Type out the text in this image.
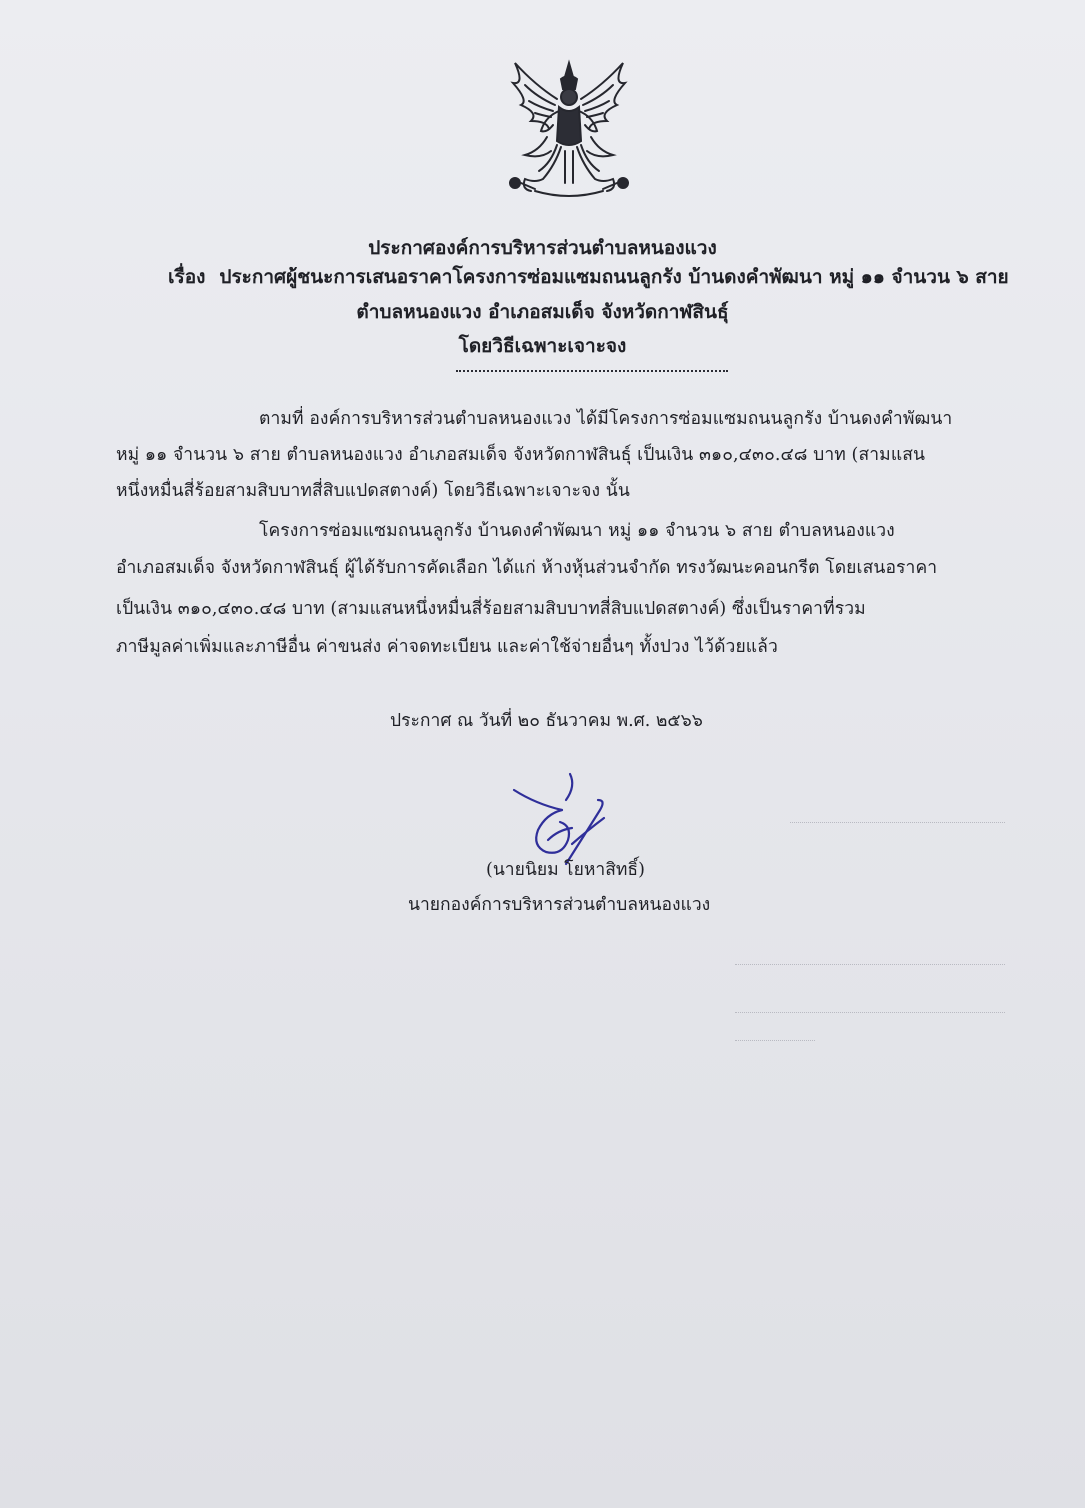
ประกาศองค์การบริหารส่วนตำบลหนองแวง
เรื่อง ประกาศผู้ชนะการเสนอราคาโครงการซ่อมแซมถนนลูกรัง บ้านดงคำพัฒนา หมู่ ๑๑ จำนวน ๖ สาย
ตำบลหนองแวง อำเภอสมเด็จ จังหวัดกาฬสินธุ์
โดยวิธีเฉพาะเจาะจง
ตามที่ องค์การบริหารส่วนตำบลหนองแวง ได้มีโครงการซ่อมแซมถนนลูกรัง บ้านดงคำพัฒนา
หมู่ ๑๑ จำนวน ๖ สาย ตำบลหนองแวง อำเภอสมเด็จ จังหวัดกาฬสินธุ์ เป็นเงิน ๓๑๐,๔๓๐.๔๘ บาท (สามแสน
หนึ่งหมื่นสี่ร้อยสามสิบบาทสี่สิบแปดสตางค์) โดยวิธีเฉพาะเจาะจง นั้น
โครงการซ่อมแซมถนนลูกรัง บ้านดงคำพัฒนา หมู่ ๑๑ จำนวน ๖ สาย ตำบลหนองแวง
อำเภอสมเด็จ จังหวัดกาฬสินธุ์ ผู้ได้รับการคัดเลือก ได้แก่ ห้างหุ้นส่วนจำกัด ทรงวัฒนะคอนกรีต โดยเสนอราคา
เป็นเงิน ๓๑๐,๔๓๐.๔๘ บาท (สามแสนหนึ่งหมื่นสี่ร้อยสามสิบบาทสี่สิบแปดสตางค์) ซึ่งเป็นราคาที่รวม
ภาษีมูลค่าเพิ่มและภาษีอื่น ค่าขนส่ง ค่าจดทะเบียน และค่าใช้จ่ายอื่นๆ ทั้งปวง ไว้ด้วยแล้ว
ประกาศ ณ วันที่ ๒๐ ธันวาคม พ.ศ. ๒๕๖๖
(นายนิยม โยหาสิทธิ์)
นายกองค์การบริหารส่วนตำบลหนองแวง
